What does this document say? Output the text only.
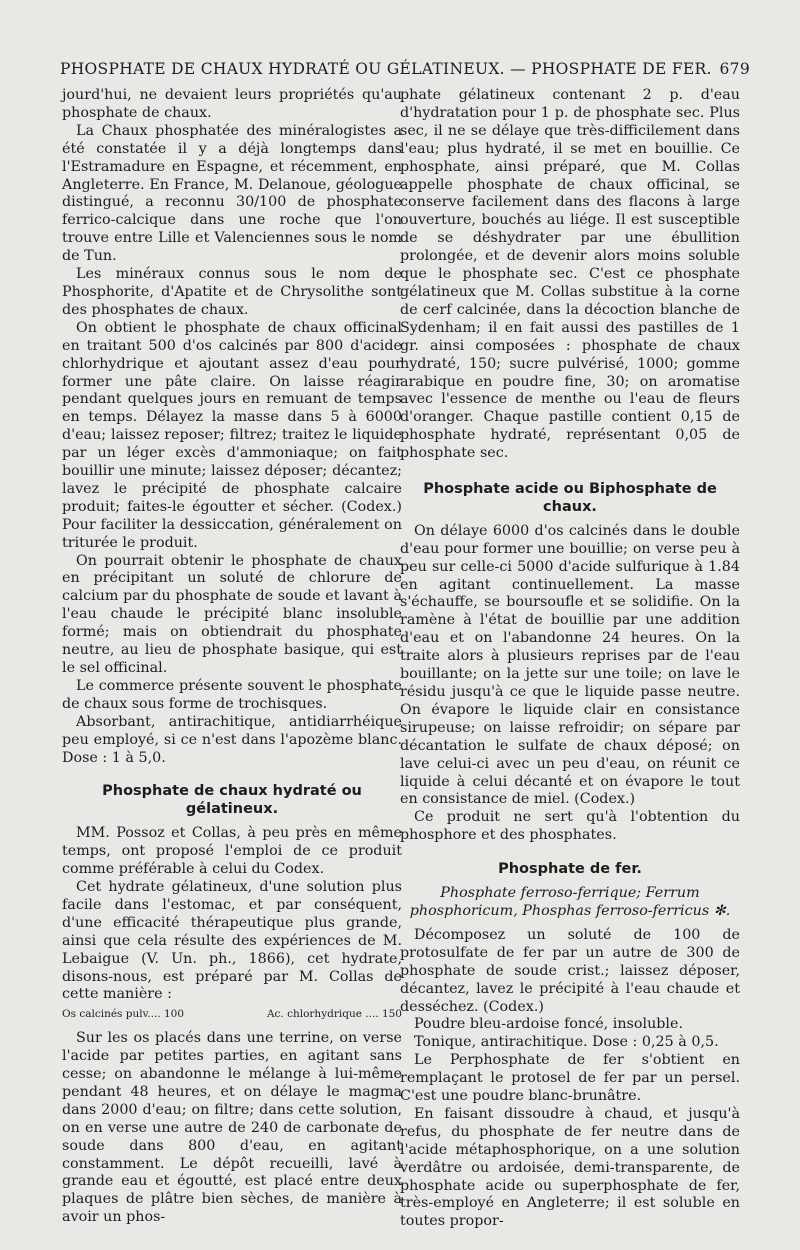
PHOSPHATE DE CHAUX HYDRATÉ OU GÉLATINEUX. — PHOSPHATE DE FER. 679

jourd'hui, ne devaient leurs propriétés qu'au phosphate de chaux.

La Chaux phosphatée des minéralogistes a été constatée il y a déjà longtemps dans l'Estramadure en Espagne, et récemment, en Angleterre. En France, M. Delanoue, géologue distingué, a reconnu 30/100 de phosphate ferrico-calcique dans une roche que l'on trouve entre Lille et Valenciennes sous le nom de Tun.

Les minéraux connus sous le nom de Phosphorite, d'Apatite et de Chrysolithe sont des phosphates de chaux.

On obtient le phosphate de chaux officinal en traitant 500 d'os calcinés par 800 d'acide chlorhydrique et ajoutant assez d'eau pour former une pâte claire. On laisse réagir pendant quelques jours en remuant de temps en temps. Délayez la masse dans 5 à 6000 d'eau; laissez reposer; filtrez; traitez le liquide par un léger excès d'ammoniaque; on fait bouillir une minute; laissez déposer; décantez; lavez le précipité de phosphate calcaire produit; faites-le égoutter et sécher. (Codex.) Pour faciliter la dessiccation, généralement on triturée le produit.

On pourrait obtenir le phosphate de chaux en précipitant un soluté de chlorure de calcium par du phosphate de soude et lavant à l'eau chaude le précipité blanc insoluble formé; mais on obtiendrait du phosphate neutre, au lieu de phosphate basique, qui est le sel officinal.

Le commerce présente souvent le phosphate de chaux sous forme de trochisques.

Absorbant, antirachitique, antidiarrhéique peu employé, si ce n'est dans l'apozème blanc. Dose : 1 à 5,0.

Phosphate de chaux hydraté ou gélatineux.

MM. Possoz et Collas, à peu près en même temps, ont proposé l'emploi de ce produit comme préférable à celui du Codex.

Cet hydrate gélatineux, d'une solution plus facile dans l'estomac, et par conséquent, d'une efficacité thérapeutique plus grande, ainsi que cela résulte des expériences de M. Lebaigue (V. Un. ph., 1866), cet hydrate, disons-nous, est préparé par M. Collas de cette manière :

Os calcinés pulv.... 100	Ac. chlorhydrique .... 150

Sur les os placés dans une terrine, on verse l'acide par petites parties, en agitant sans cesse; on abandonne le mélange à lui-même pendant 48 heures, et on délaye le magma dans 2000 d'eau; on filtre; dans cette solution, on en verse une autre de 240 de carbonate de soude dans 800 d'eau, en agitant constamment. Le dépôt recueilli, lavé à grande eau et égoutté, est placé entre deux plaques de plâtre bien sèches, de manière à avoir un phos-

phate gélatineux contenant 2 p. d'eau d'hydratation pour 1 p. de phosphate sec. Plus sec, il ne se délaye que très-difficilement dans l'eau; plus hydraté, il se met en bouillie. Ce phosphate, ainsi préparé, que M. Collas appelle phosphate de chaux officinal, se conserve facilement dans des flacons à large ouverture, bouchés au liége. Il est susceptible de se déshydrater par une ébullition prolongée, et de devenir alors moins soluble que le phosphate sec. C'est ce phosphate gélatineux que M. Collas substitue à la corne de cerf calcinée, dans la décoction blanche de Sydenham; il en fait aussi des pastilles de 1 gr. ainsi composées : phosphate de chaux hydraté, 150; sucre pulvérisé, 1000; gomme arabique en poudre fine, 30; on aromatise avec l'essence de menthe ou l'eau de fleurs d'oranger. Chaque pastille contient 0,15 de phosphate hydraté, représentant 0,05 de phosphate sec.

Phosphate acide ou Biphosphate de chaux.

On délaye 6000 d'os calcinés dans le double d'eau pour former une bouillie; on verse peu à peu sur celle-ci 5000 d'acide sulfurique à 1.84 en agitant continuellement. La masse s'échauffe, se boursoufle et se solidifie. On la ramène à l'état de bouillie par une addition d'eau et on l'abandonne 24 heures. On la traite alors à plusieurs reprises par de l'eau bouillante; on la jette sur une toile; on lave le résidu jusqu'à ce que le liquide passe neutre. On évapore le liquide clair en consistance sirupeuse; on laisse refroidir; on sépare par décantation le sulfate de chaux déposé; on lave celui-ci avec un peu d'eau, on réunit ce liquide à celui décanté et on évapore le tout en consistance de miel. (Codex.)

Ce produit ne sert qu'à l'obtention du phosphore et des phosphates.

Phosphate de fer.

Phosphate ferroso-ferrique; Ferrum phosphoricum, Phosphas ferroso-ferricus ✻.

Décomposez un soluté de 100 de protosulfate de fer par un autre de 300 de phosphate de soude crist.; laissez déposer, décantez, lavez le précipité à l'eau chaude et desséchez. (Codex.)

Poudre bleu-ardoise foncé, insoluble.

Tonique, antirachitique. Dose : 0,25 à 0,5.

Le Perphosphate de fer s'obtient en remplaçant le protosel de fer par un persel. C'est une poudre blanc-brunâtre.

En faisant dissoudre à chaud, et jusqu'à refus, du phosphate de fer neutre dans de l'acide métaphosphorique, on a une solution verdâtre ou ardoisée, demi-transparente, de phosphate acide ou superphosphate de fer, très-employé en Angleterre; il est soluble en toutes propor-
